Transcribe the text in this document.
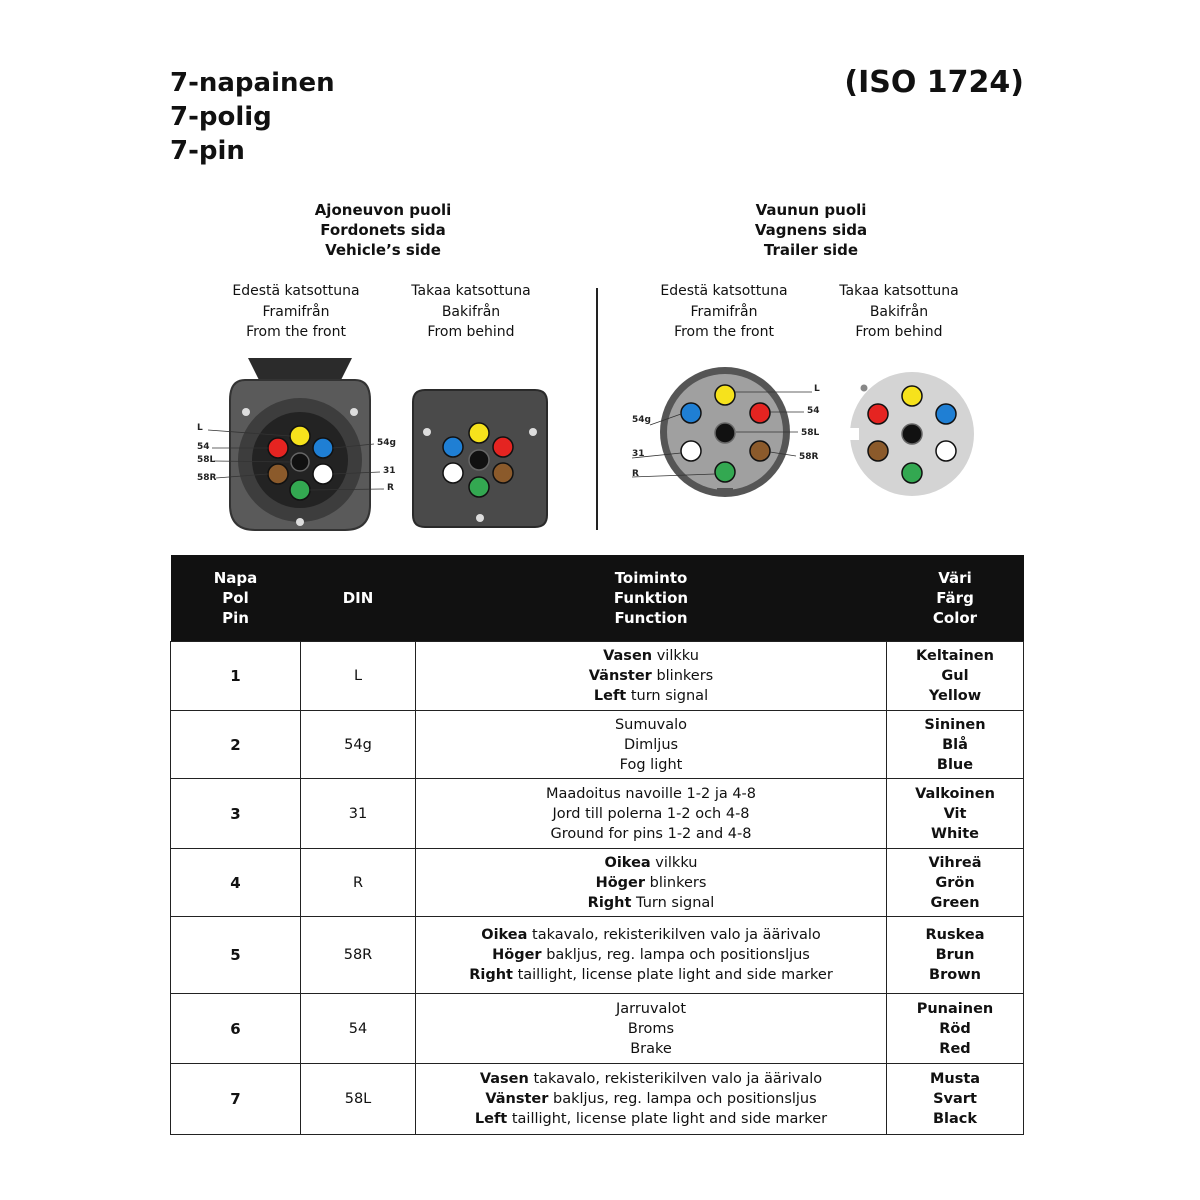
7-napainen
7-polig
7-pin
(ISO 1724)
Ajoneuvon puoli
Fordonets sida
Vehicle’s side
Vaunun puoli
Vagnens sida
Trailer side
Edestä katsottuna
Framifrån
From the front
Takaa katsottuna
Bakifrån
From behind
Edestä katsottuna
Framifrån
From the front
Takaa katsottuna
Bakifrån
From behind
L
54
58L
58R
54g
31
R
54g
31
R
L
54
58L
58R
Napa
Pol
Pin	DIN	Toiminto
Funktion
Function	Väri
Färg
Color

1	L	Vasen vilkku
Vänster blinkers
Left turn signal	Keltainen
Gul
Yellow

2	54g	Sumuvalo
Dimljus
Fog light	Sininen
Blå
Blue

3	31	Maadoitus navoille 1-2 ja 4-8
Jord till polerna 1-2 och 4-8
Ground for pins 1-2 and 4-8	Valkoinen
Vit
White

4	R	Oikea vilkku
Höger blinkers
Right Turn signal	Vihreä
Grön
Green

5	58R	Oikea takavalo, rekisterikilven valo ja äärivalo
Höger bakljus, reg. lampa och positionsljus
Right taillight, license plate light and side marker	Ruskea
Brun
Brown

6	54	Jarruvalot
Broms
Brake	Punainen
Röd
Red

7	58L	Vasen takavalo, rekisterikilven valo ja äärivalo
Vänster bakljus, reg. lampa och positionsljus
Left taillight, license plate light and side marker	Musta
Svart
Black
